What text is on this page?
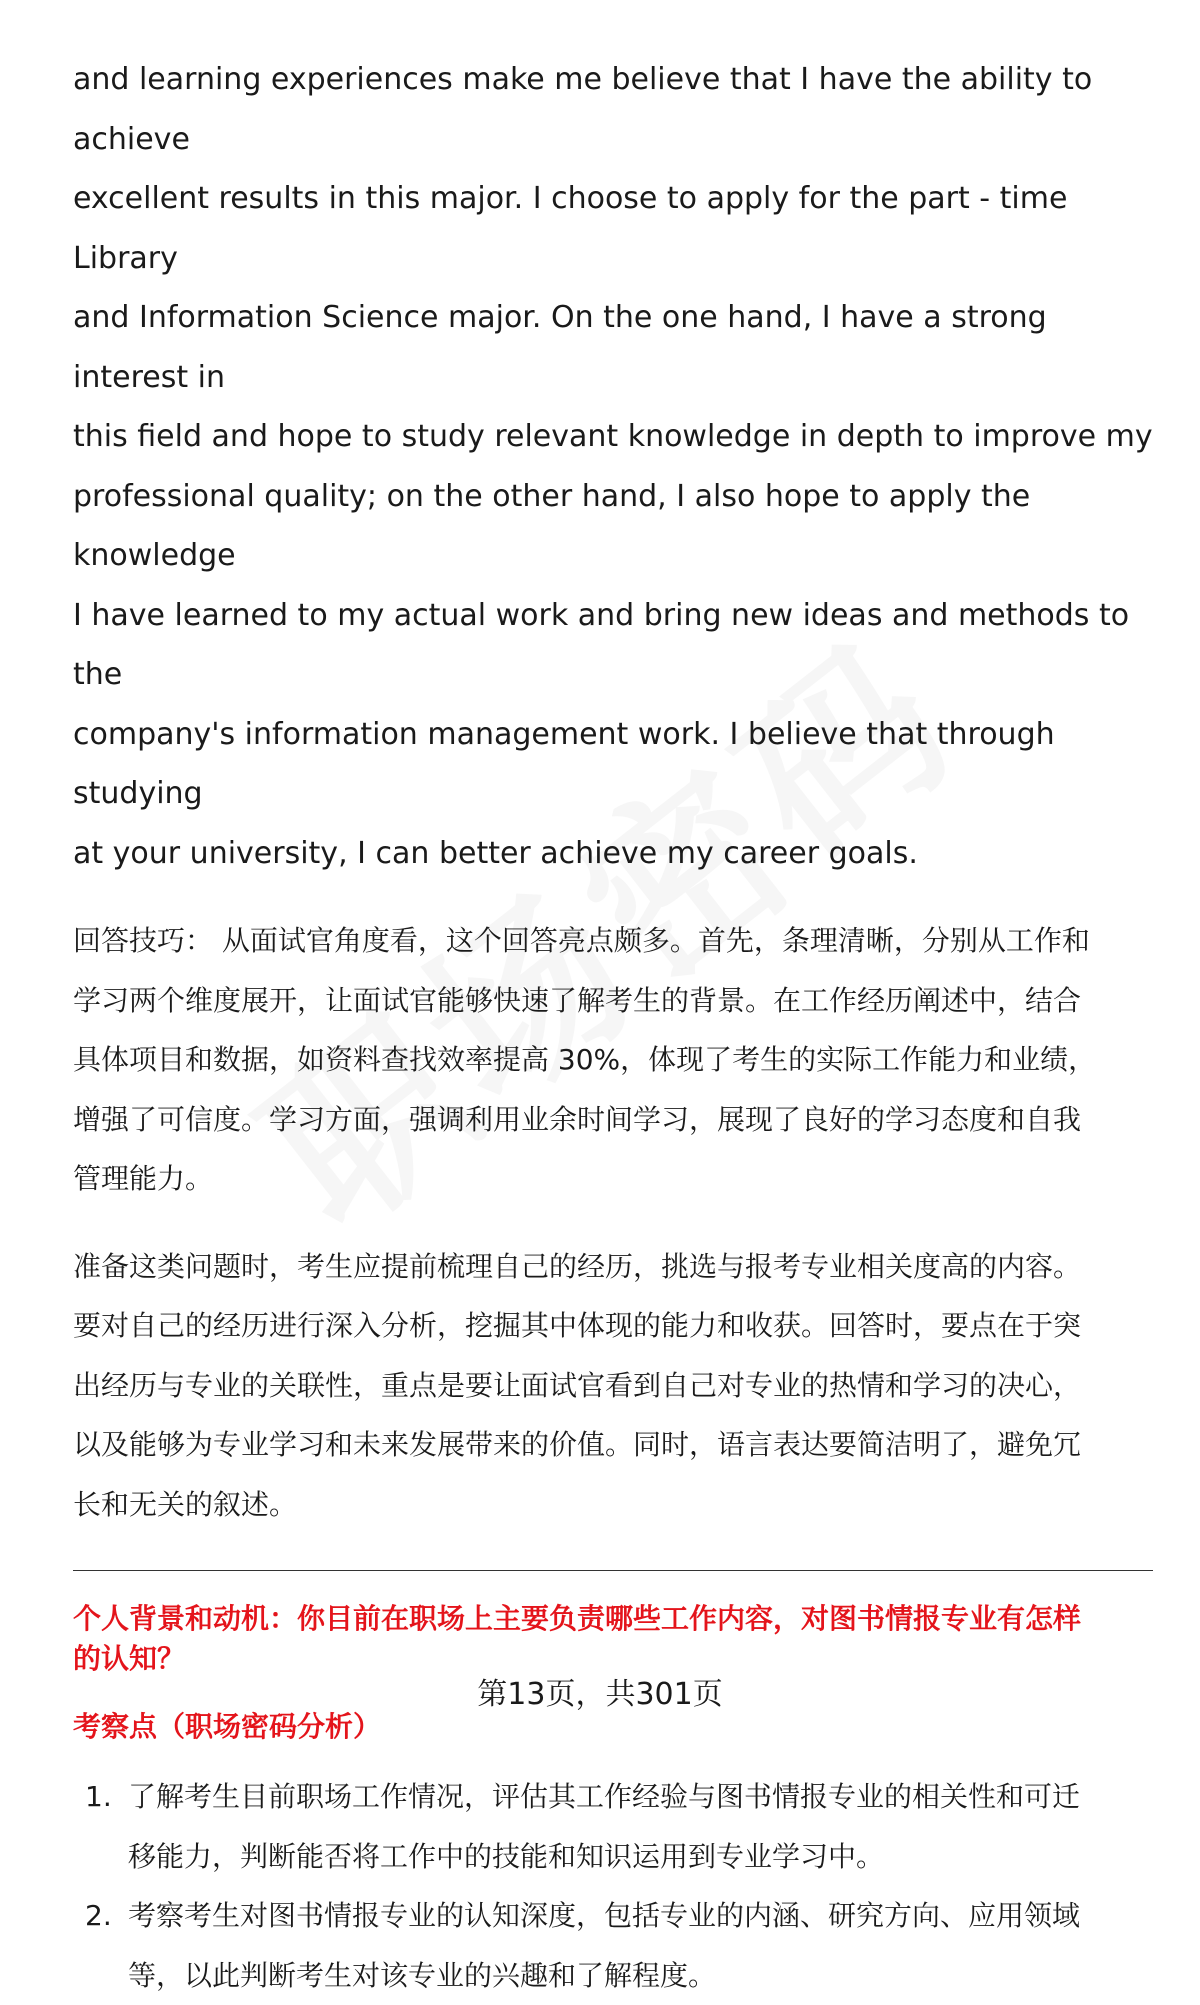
and learning experiences make me believe that I have the ability to achieve
excellent results in this major. I choose to apply for the part - time Library
and Information Science major. On the one hand, I have a strong interest in
this field and hope to study relevant knowledge in depth to improve my
professional quality; on the other hand, I also hope to apply the knowledge
I have learned to my actual work and bring new ideas and methods to the
company's information management work. I believe that through studying
at your university, I can better achieve my career goals.
回答技巧： 从面试官角度看，这个回答亮点颇多。首先，条理清晰，分别从工作和
学习两个维度展开，让面试官能够快速了解考生的背景。在工作经历阐述中，结合
具体项目和数据，如资料查找效率提高 30%，体现了考生的实际工作能力和业绩，
增强了可信度。学习方面，强调利用业余时间学习，展现了良好的学习态度和自我
管理能力。
准备这类问题时，考生应提前梳理自己的经历，挑选与报考专业相关度高的内容。
要对自己的经历进行深入分析，挖掘其中体现的能力和收获。回答时，要点在于突
出经历与专业的关联性，重点是要让面试官看到自己对专业的热情和学习的决心，
以及能够为专业学习和未来发展带来的价值。同时，语言表达要简洁明了，避免冗
长和无关的叙述。
个人背景和动机：你目前在职场上主要负责哪些工作内容，对图书情报专业有怎样
的认知？
考察点（职场密码分析）
1. 了解考生目前职场工作情况，评估其工作经验与图书情报专业的相关性和可迁
移能力，判断能否将工作中的技能和知识运用到专业学习中。
2. 考察考生对图书情报专业的认知深度，包括专业的内涵、研究方向、应用领域
等，以此判断考生对该专业的兴趣和了解程度。
第13页，共301页
